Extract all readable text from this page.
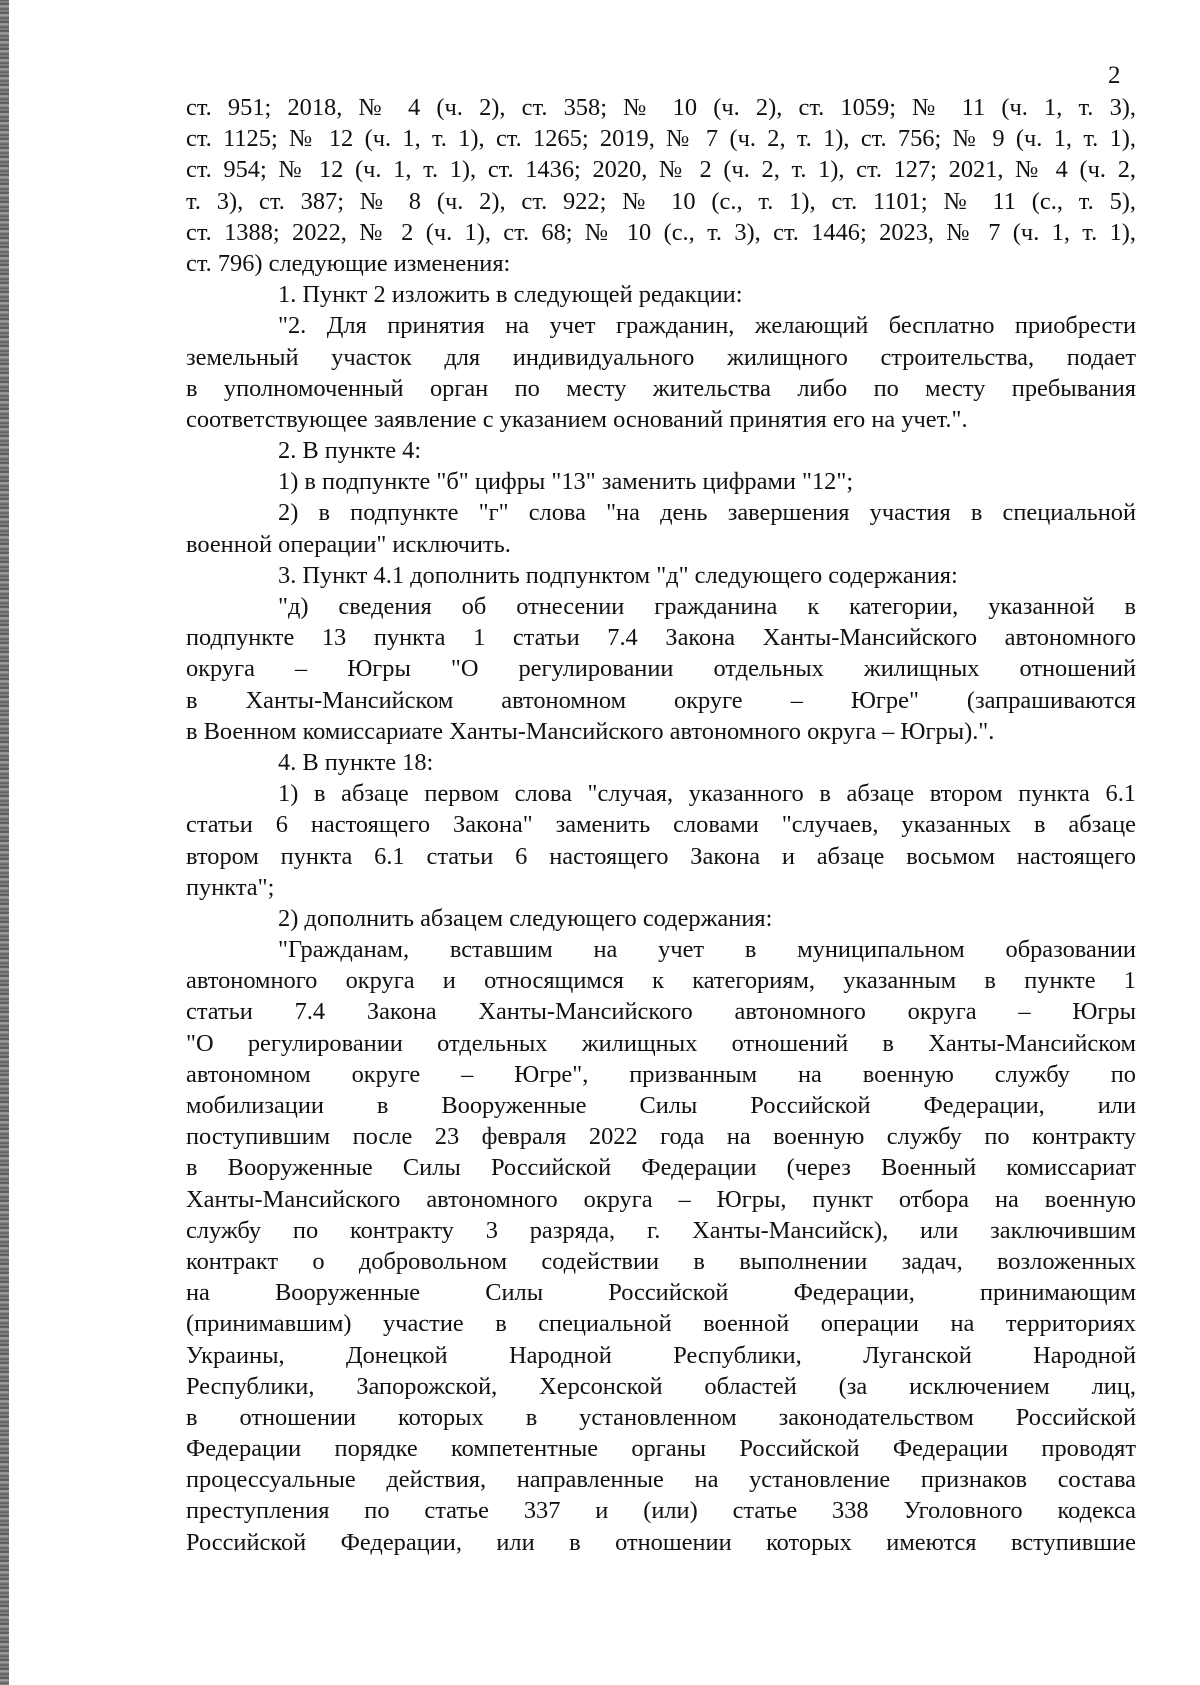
2
ст. 951; 2018, № 4 (ч. 2), ст. 358; № 10 (ч. 2), ст. 1059; № 11 (ч. 1, т. 3),
ст. 1125; № 12 (ч. 1, т. 1), ст. 1265; 2019, № 7 (ч. 2, т. 1), ст. 756; № 9 (ч. 1, т. 1),
ст. 954; № 12 (ч. 1, т. 1), ст. 1436; 2020, № 2 (ч. 2, т. 1), ст. 127; 2021, № 4 (ч. 2,
т. 3), ст. 387; № 8 (ч. 2), ст. 922; № 10 (с., т. 1), ст. 1101; № 11 (с., т. 5),
ст. 1388; 2022, № 2 (ч. 1), ст. 68; № 10 (с., т. 3), ст. 1446; 2023, № 7 (ч. 1, т. 1),
ст. 796) следующие изменения:
1. Пункт 2 изложить в следующей редакции:
"2. Для принятия на учет гражданин, желающий бесплатно приобрести
земельный участок для индивидуального жилищного строительства, подает
в уполномоченный орган по месту жительства либо по месту пребывания
соответствующее заявление с указанием оснований принятия его на учет.".
2. В пункте 4:
1) в подпункте "б" цифры "13" заменить цифрами "12";
2) в подпункте "г" слова "на день завершения участия в специальной
военной операции" исключить.
3. Пункт 4.1 дополнить подпунктом "д" следующего содержания:
"д) сведения об отнесении гражданина к категории, указанной в
подпункте 13 пункта 1 статьи 7.4 Закона Ханты-Мансийского автономного
округа – Югры "О регулировании отдельных жилищных отношений
в Ханты-Мансийском автономном округе – Югре" (запрашиваются
в Военном комиссариате Ханты-Мансийского автономного округа – Югры).".
4. В пункте 18:
1) в абзаце первом слова "случая, указанного в абзаце втором пункта 6.1
статьи 6 настоящего Закона" заменить словами "случаев, указанных в абзаце
втором пункта 6.1 статьи 6 настоящего Закона и абзаце восьмом настоящего
пункта";
2) дополнить абзацем следующего содержания:
"Гражданам, вставшим на учет в муниципальном образовании
автономного округа и относящимся к категориям, указанным в пункте 1
статьи 7.4 Закона Ханты-Мансийского автономного округа – Югры
"О регулировании отдельных жилищных отношений в Ханты-Мансийском
автономном округе – Югре", призванным на военную службу по
мобилизации в Вооруженные Силы Российской Федерации, или
поступившим после 23 февраля 2022 года на военную службу по контракту
в Вооруженные Силы Российской Федерации (через Военный комиссариат
Ханты-Мансийского автономного округа – Югры, пункт отбора на военную
службу по контракту 3 разряда, г. Ханты-Мансийск), или заключившим
контракт о добровольном содействии в выполнении задач, возложенных
на Вооруженные Силы Российской Федерации, принимающим
(принимавшим) участие в специальной военной операции на территориях
Украины, Донецкой Народной Республики, Луганской Народной
Республики, Запорожской, Херсонской областей (за исключением лиц,
в отношении которых в установленном законодательством Российской
Федерации порядке компетентные органы Российской Федерации проводят
процессуальные действия, направленные на установление признаков состава
преступления по статье 337 и (или) статье 338 Уголовного кодекса
Российской Федерации, или в отношении которых имеются вступившие
